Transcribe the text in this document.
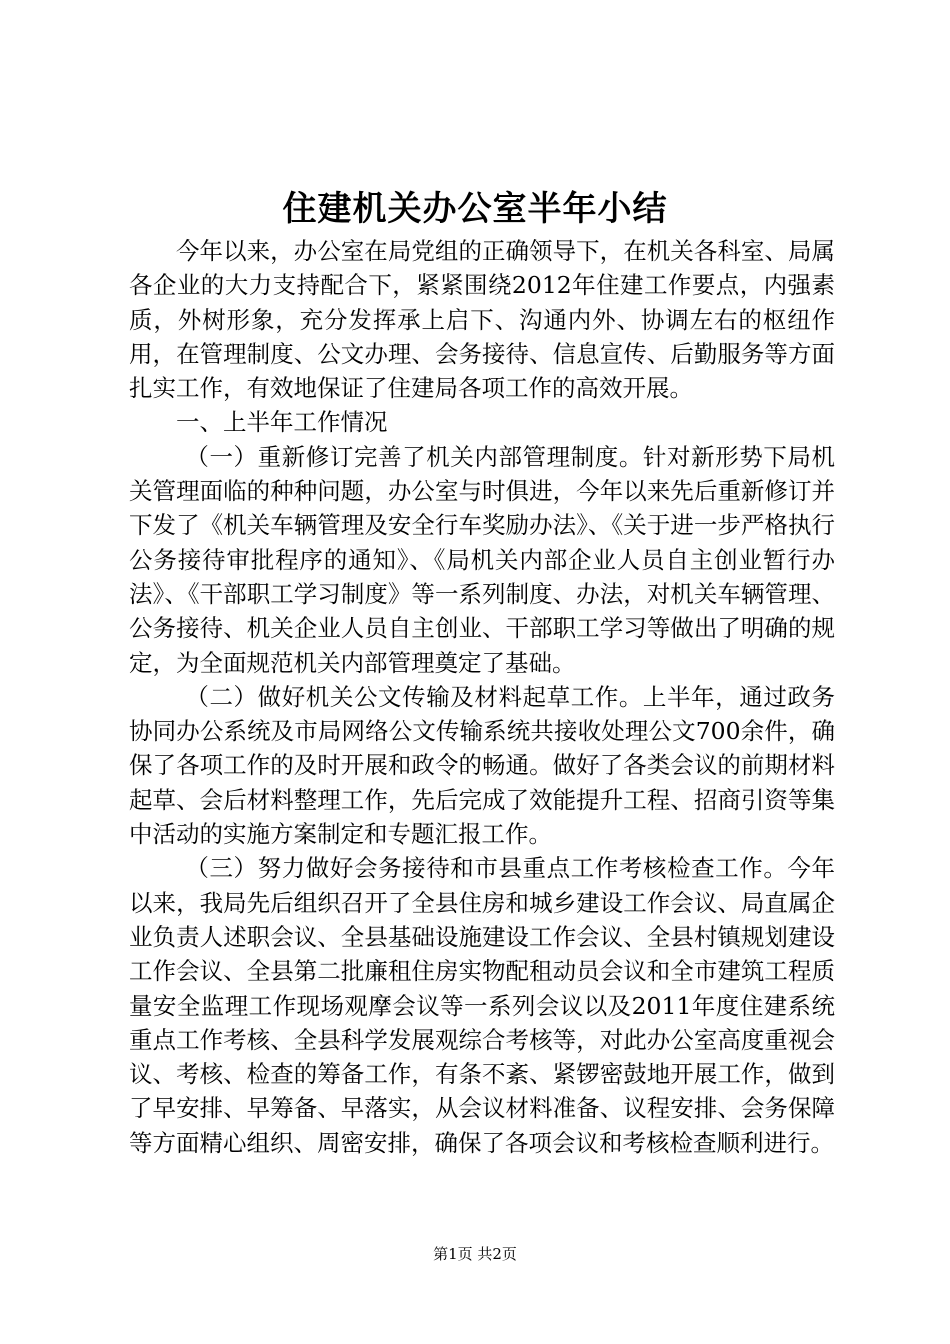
住建机关办公室半年小结

今年以来，办公室在局党组的正确领导下，在机关各科室、局属各企业的大力支持配合下，紧紧围绕2012年住建工作要点，内强素质，外树形象，充分发挥承上启下、沟通内外、协调左右的枢纽作用，在管理制度、公文办理、会务接待、信息宣传、后勤服务等方面扎实工作，有效地保证了住建局各项工作的高效开展。

一、上半年工作情况

（一）重新修订完善了机关内部管理制度。针对新形势下局机关管理面临的种种问题，办公室与时俱进，今年以来先后重新修订并下发了《机关车辆管理及安全行车奖励办法》、《关于进一步严格执行公务接待审批程序的通知》、《局机关内部企业人员自主创业暂行办法》、《干部职工学习制度》等一系列制度、办法，对机关车辆管理、公务接待、机关企业人员自主创业、干部职工学习等做出了明确的规定，为全面规范机关内部管理奠定了基础。

（二）做好机关公文传输及材料起草工作。上半年，通过政务协同办公系统及市局网络公文传输系统共接收处理公文700余件，确保了各项工作的及时开展和政令的畅通。做好了各类会议的前期材料起草、会后材料整理工作，先后完成了效能提升工程、招商引资等集中活动的实施方案制定和专题汇报工作。

（三）努力做好会务接待和市县重点工作考核检查工作。今年以来，我局先后组织召开了全县住房和城乡建设工作会议、局直属企业负责人述职会议、全县基础设施建设工作会议、全县村镇规划建设工作会议、全县第二批廉租住房实物配租动员会议和全市建筑工程质量安全监理工作现场观摩会议等一系列会议以及2011年度住建系统重点工作考核、全县科学发展观综合考核等，对此办公室高度重视会议、考核、检查的筹备工作，有条不紊、紧锣密鼓地开展工作，做到了早安排、早筹备、早落实，从会议材料准备、议程安排、会务保障等方面精心组织、周密安排，确保了各项会议和考核检查顺利进行。

第1页 共2页
